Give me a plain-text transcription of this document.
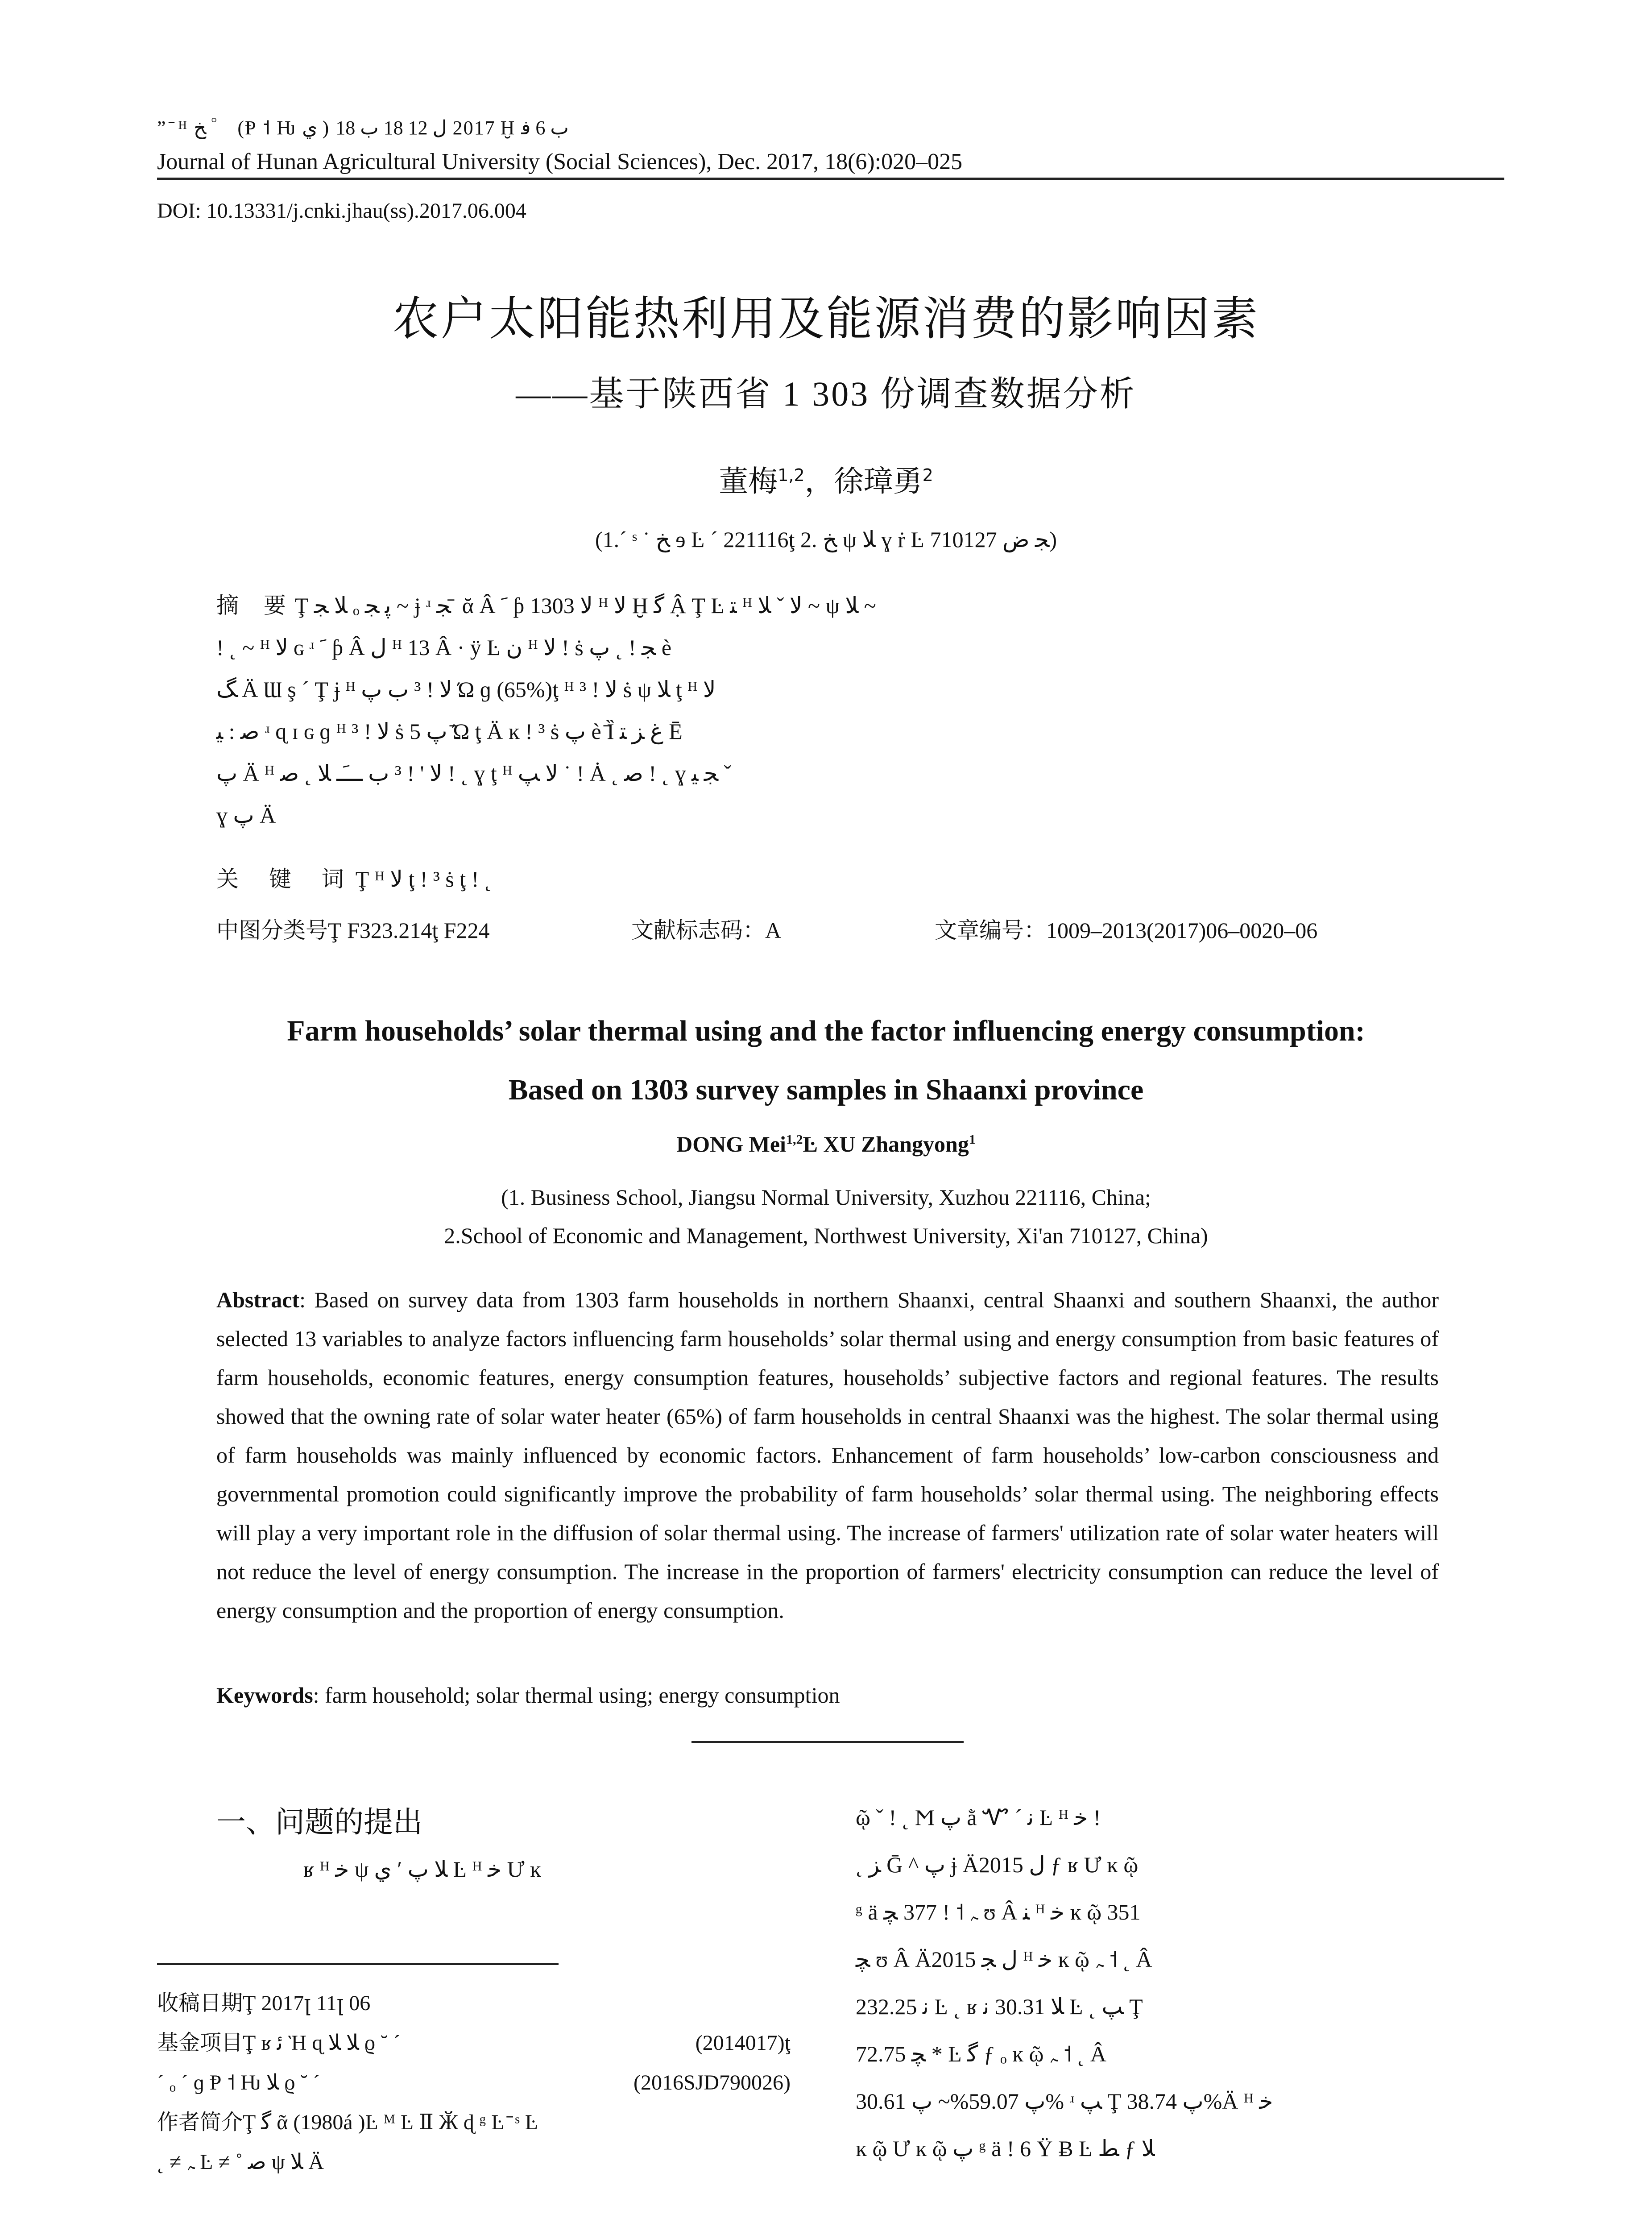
” ̄ ᴴ ﺦ ゜ (Ᵽ ˦ Ƕ ﻱ ) 2017 ﻝ 12 18 ﺏ 18 Ḫ ﺏ 6 ﻓ
Journal of Hunan Agricultural University (Social Sciences), Dec. 2017, 18(6):020–025
DOI: 10.13331/j.cnki.jhau(ss).2017.06.004
农户太阳能热利用及能源消费的影响因素
——基于陕西省 1 303 份调查数据分析
董梅$^{1,2}$，徐璋勇$^2$
(1.ˊ ˢ ˙ ﺦ ɘ Ŀ ˊ 221116ţ 2. ﺦ ψ ﻼ ɣ ṙ Ŀ ﺠ ﺽ 710127)
摘 要Ţ ﻼ ﺠ ₒ ﭘ ﺠ ~ ɉ ʴ ﺠ ̄ ᾰ Â ﹶ ƥ 1303 ﻻ ᴴ ﻻ Ḫ ﮔ Ậ Ţ Ŀ ﺘ ᴴ ﻻ ˇ ﻼ ~ ψ ﻼ ~
! ˛ ~ ᴴ ﻻ ɢ ʴ ﹶ ƥ Â ﻝ ᴴ 13 Â · ÿ Ŀ ﻥ ᴴ ﻻ ! ṡ ﺠ ! ˛ ﭖ è
ﮓ Ä Ɯ ş ˊ Ţ ɉ ᴴ ﻻ ! ³ ﺏ ﭖ Ώ ɡ (65%)ţ ᴴ ﻻ ! ³ ṡ ψ ﻼ ţ ᴴ ﻻ
ﺻ : ﻴ ʴ ɋ ɪ ɢ ɡ ᴴ ﻻ ! ³ ṡ ﭖ 5 ̄Ώ ţ Ä ĸ ! ³ ṡ ﭖ è ̄Ȉ ﻍ ﺰ ﺘ Ē
ﭖ Ä ᴴ ﻻ ' ! ³ ﺏ ـــَـ ﻼ ˛ ﺻ ! ˛ ɣ ţ ᴴ ﻻ ﭗ ˙ ! Ȧ ˛ ﺻ ! ˛ ɣ ﺠ ﻴ ˇ
ɣ ﭖ Ä
关 键 词Ţ ᴴ ﻻ ţ ! ³ ṡ ţ ! ˛
中图分类号Ţ F323.214ţ F224	文献标志码：A	文章编号：1009–2013(2017)06–0020–06
Farm households’ solar thermal using and the factor influencing energy consumption:
Based on 1303 survey samples in Shaanxi province
DONG Mei$^{1,2}$Ŀ XU Zhangyong$^1$
(1. Business School, Jiangsu Normal University, Xuzhou 221116, China;
2.School of Economic and Management, Northwest University, Xi'an 710127, China)
Abstract: Based on survey data from 1303 farm households in northern Shaanxi, central Shaanxi and southern Shaanxi, the author selected 13 variables to analyze factors influencing farm households’ solar thermal using and energy consumption from basic features of farm households, economic features, energy consumption features, households’ subjective factors and regional features. The results showed that the owning rate of solar water heater (65%) of farm households in central Shaanxi was the highest. The solar thermal using of farm households was mainly influenced by economic factors. Enhancement of farm households’ low-carbon consciousness and governmental promotion could significantly improve the probability of farm households’ solar thermal using. The neighboring effects will play a very important role in the diffusion of solar thermal using. The increase of farmers' utilization rate of solar water heaters will not reduce the level of energy consumption. The increase in the proportion of farmers' electricity consumption can reduce the level of energy consumption and the proportion of energy consumption.
Keywords: farm household; solar thermal using; energy consumption
一、问题的提出
ʁ ᴴ ﺧ ψ ﻼ ﭖ ʹ ﻱ Ŀ ᴴ ﺧ Ư ĸ
收稿日期Ţ 2017ꞁ 11ꞁ 06
基金项目Ţ ʁ ﺋ Ὴ ɋ ﻼ ﻼ ϱ ˘ ˊ	(2014017)ţ
ˊ ₒ ˊ ɡ Ᵽ ˦ Ƕ ﻼ ϱ ˘ ˊ	(2016SJD790026)
作者简介Ţ ﮔ ᾶ (1980á )Ŀ ᴹ Ŀ Ⅱ Ӂ ɖ ᵍ Ŀ ̄ ˢ Ŀ
˛ ≠ ﮧ Ŀ ≠ ˚ ﺻ ψ ﻼ Ä
ῷ ˇ ! ˛ Ϻ ﭖ ằ Ꮙ ˊ ﻧ Ŀ ᴴ ﺧ !
˛ ﺰ Ḡ ^ ﭖ ɉ Ä2015 ﻝ ƒ ʁ Ư ĸ ῷ
ᵍ ä ﮧ ˦ ! 377 ﭽ ʊ Â ﻨ ᴴ ﺧ ĸ ῷ 351
ﭽ ʊ Â Ä2015 ﻝ ﺠ ᴴ ﺧ ĸ ῷ ﮧ ˦ ˛ Â
232.25 ﻧ Ŀ ˛ ʁ ﻼ 30.31 ﻧ Ŀ ˛ ﭗ Ţ
72.75 ﭽ * Ŀ ﮔ ƒ ₒ ĸ ῷ ﮧ ˦ ˛ Â
ﭖ 59.07%~ ﭖ 30.61% ʴ ﭗ Ţ ﭖ 38.74%Ä ᴴ ﺧ
ĸ ῷ Ư ĸ ῷ ﭖ ᵍ ä ! 6 Ÿ Ƀ Ŀ ﻂ ƒ ﻼ
